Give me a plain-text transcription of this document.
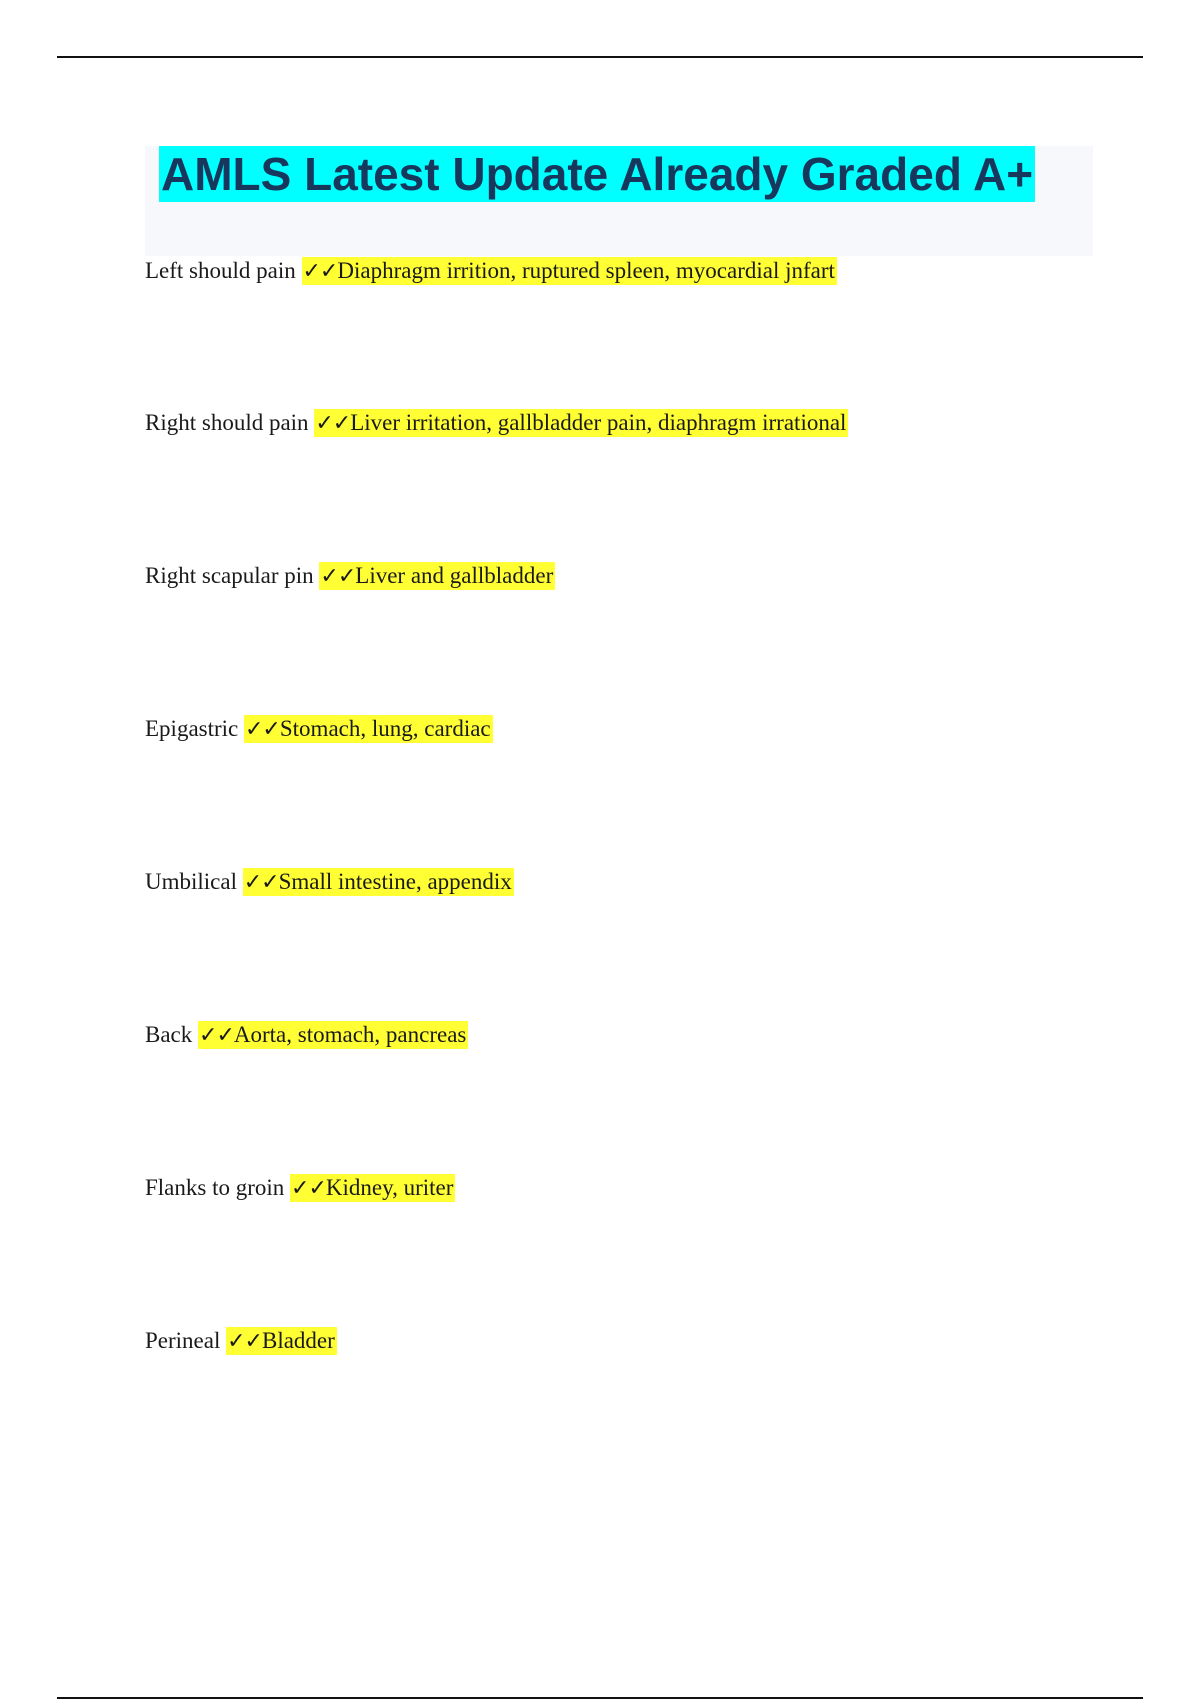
AMLS Latest Update Already Graded A+
Left should pain ✓✓Diaphragm irrition, ruptured spleen, myocardial jnfart
Right should pain ✓✓Liver irritation, gallbladder pain, diaphragm irrational
Right scapular pin ✓✓Liver and gallbladder
Epigastric ✓✓Stomach, lung, cardiac
Umbilical ✓✓Small intestine, appendix
Back ✓✓Aorta, stomach, pancreas
Flanks to groin ✓✓Kidney, uriter
Perineal ✓✓Bladder
